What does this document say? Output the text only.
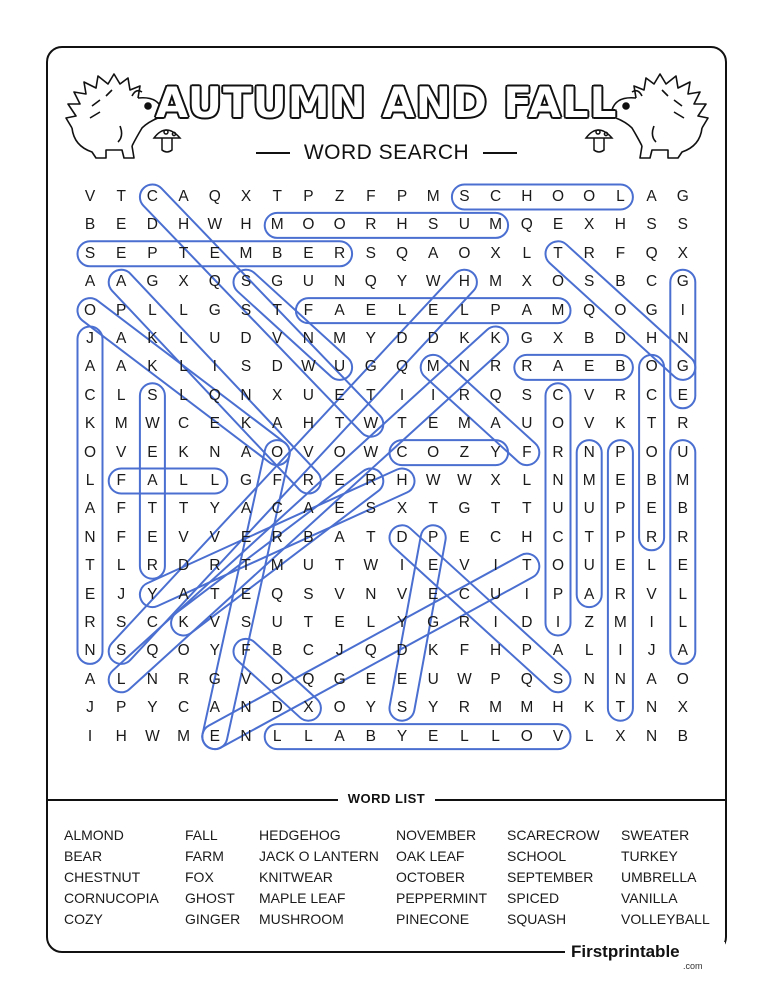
AUTUMN AND FALL
WORD SEARCH
V	T	C	A	Q	X	T	P	Z	F	P	M	S	C	H	O	O	L	A	G
B	E	D	H	W	H	M	O	O	R	H	S	U	M	Q	E	X	H	S	S
S	E	P	T	E	M	B	E	R	S	Q	A	O	X	L	T	R	F	Q	X
A	A	G	X	Q	S	G	U	N	Q	Y	W	H	M	X	O	S	B	C	G
O	P	L	L	G	S	T	F	A	E	L	E	L	P	A	M	Q	O	G	I
J	A	K	L	U	D	V	N	M	Y	D	D	K	K	G	X	B	D	H	N
A	A	K	L	I	S	D	W	U	G	Q	M	N	R	R	A	E	B	O	G
C	L	S	L	Q	N	X	U	E	T	I	I	R	Q	S	C	V	R	C	E
K	M	W	C	E	K	A	H	T	W	T	E	M	A	U	O	V	K	T	R
O	V	E	K	N	A	O	V	O	W	C	O	Z	Y	F	R	N	P	O	U
L	F	A	L	L	G	F	R	E	R	H	W	W	X	L	N	M	E	B	M
A	F	T	T	Y	A	C	A	E	S	X	T	G	T	T	U	U	P	E	B
N	F	E	V	V	E	R	B	A	T	D	P	E	C	H	C	T	P	R	R
T	L	R	D	R	T	M	U	T	W	I	E	V	I	T	O	U	E	L	E
E	J	Y	A	T	E	Q	S	V	N	V	E	C	U	I	P	A	R	V	L
R	S	C	K	V	S	U	T	E	L	Y	G	R	I	D	I	Z	M	I	L
N	S	Q	O	Y	F	B	C	J	Q	D	K	F	H	P	A	L	I	J	A
A	L	N	R	G	V	O	Q	G	E	E	U	W	P	Q	S	N	N	A	O
J	P	Y	C	A	N	D	X	O	Y	S	Y	R	M	M	H	K	T	N	X
I	H	W	M	E	N	L	L	A	B	Y	E	L	L	O	V	L	X	N	B
WORD LIST
ALMOND
BEAR
CHESTNUT
CORNUCOPIA
COZY
FALL
FARM
FOX
GHOST
GINGER
HEDGEHOG
JACK O LANTERN
KNITWEAR
MAPLE LEAF
MUSHROOM
NOVEMBER
OAK LEAF
OCTOBER
PEPPERMINT
PINECONE
SCARECROW
SCHOOL
SEPTEMBER
SPICED
SQUASH
SWEATER
TURKEY
UMBRELLA
VANILLA
VOLLEYBALL
Firstprintable
.com
